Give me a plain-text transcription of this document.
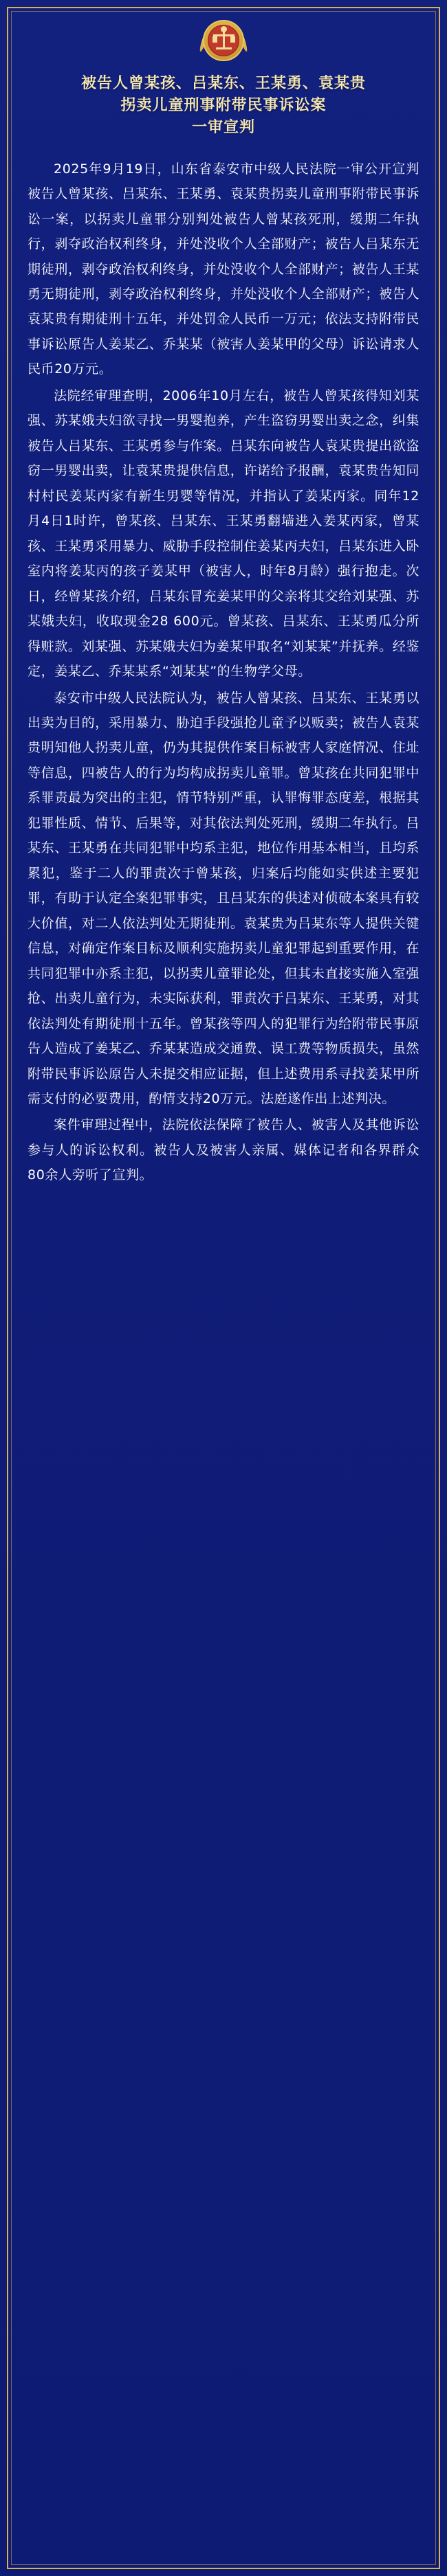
被告人曾某孩、吕某东、王某勇、袁某贵
拐卖儿童刑事附带民事诉讼案
一审宣判

2025年9月19日，山东省泰安市中级人民法院一审公开宣判被告人曾某孩、吕某东、王某勇、袁某贵拐卖儿童刑事附带民事诉讼一案，以拐卖儿童罪分别判处被告人曾某孩死刑，缓期二年执行，剥夺政治权利终身，并处没收个人全部财产；被告人吕某东无期徒刑，剥夺政治权利终身，并处没收个人全部财产；被告人王某勇无期徒刑，剥夺政治权利终身，并处没收个人全部财产；被告人袁某贵有期徒刑十五年，并处罚金人民币一万元；依法支持附带民事诉讼原告人姜某乙、乔某某（被害人姜某甲的父母）诉讼请求人民币20万元。

法院经审理查明，2006年10月左右，被告人曾某孩得知刘某强、苏某娥夫妇欲寻找一男婴抱养，产生盗窃男婴出卖之念，纠集被告人吕某东、王某勇参与作案。吕某东向被告人袁某贵提出欲盗窃一男婴出卖，让袁某贵提供信息，许诺给予报酬，袁某贵告知同村村民姜某丙家有新生男婴等情况，并指认了姜某丙家。同年12月4日1时许，曾某孩、吕某东、王某勇翻墙进入姜某丙家，曾某孩、王某勇采用暴力、威胁手段控制住姜某丙夫妇，吕某东进入卧室内将姜某丙的孩子姜某甲（被害人，时年8月龄）强行抱走。次日，经曾某孩介绍，吕某东冒充姜某甲的父亲将其交给刘某强、苏某娥夫妇，收取现金28 600元。曾某孩、吕某东、王某勇瓜分所得赃款。刘某强、苏某娥夫妇为姜某甲取名“刘某某”并抚养。经鉴定，姜某乙、乔某某系“刘某某”的生物学父母。

泰安市中级人民法院认为，被告人曾某孩、吕某东、王某勇以出卖为目的，采用暴力、胁迫手段强抢儿童予以贩卖；被告人袁某贵明知他人拐卖儿童，仍为其提供作案目标被害人家庭情况、住址等信息，四被告人的行为均构成拐卖儿童罪。曾某孩在共同犯罪中系罪责最为突出的主犯，情节特别严重，认罪悔罪态度差，根据其犯罪性质、情节、后果等，对其依法判处死刑，缓期二年执行。吕某东、王某勇在共同犯罪中均系主犯，地位作用基本相当，且均系累犯，鉴于二人的罪责次于曾某孩，归案后均能如实供述主要犯罪，有助于认定全案犯罪事实，且吕某东的供述对侦破本案具有较大价值，对二人依法判处无期徒刑。袁某贵为吕某东等人提供关键信息，对确定作案目标及顺利实施拐卖儿童犯罪起到重要作用，在共同犯罪中亦系主犯，以拐卖儿童罪论处，但其未直接实施入室强抢、出卖儿童行为，未实际获利，罪责次于吕某东、王某勇，对其依法判处有期徒刑十五年。曾某孩等四人的犯罪行为给附带民事原告人造成了姜某乙、乔某某造成交通费、误工费等物质损失，虽然附带民事诉讼原告人未提交相应证据，但上述费用系寻找姜某甲所需支付的必要费用，酌情支持20万元。法庭遂作出上述判决。

案件审理过程中，法院依法保障了被告人、被害人及其他诉讼参与人的诉讼权利。被告人及被害人亲属、媒体记者和各界群众80余人旁听了宣判。
